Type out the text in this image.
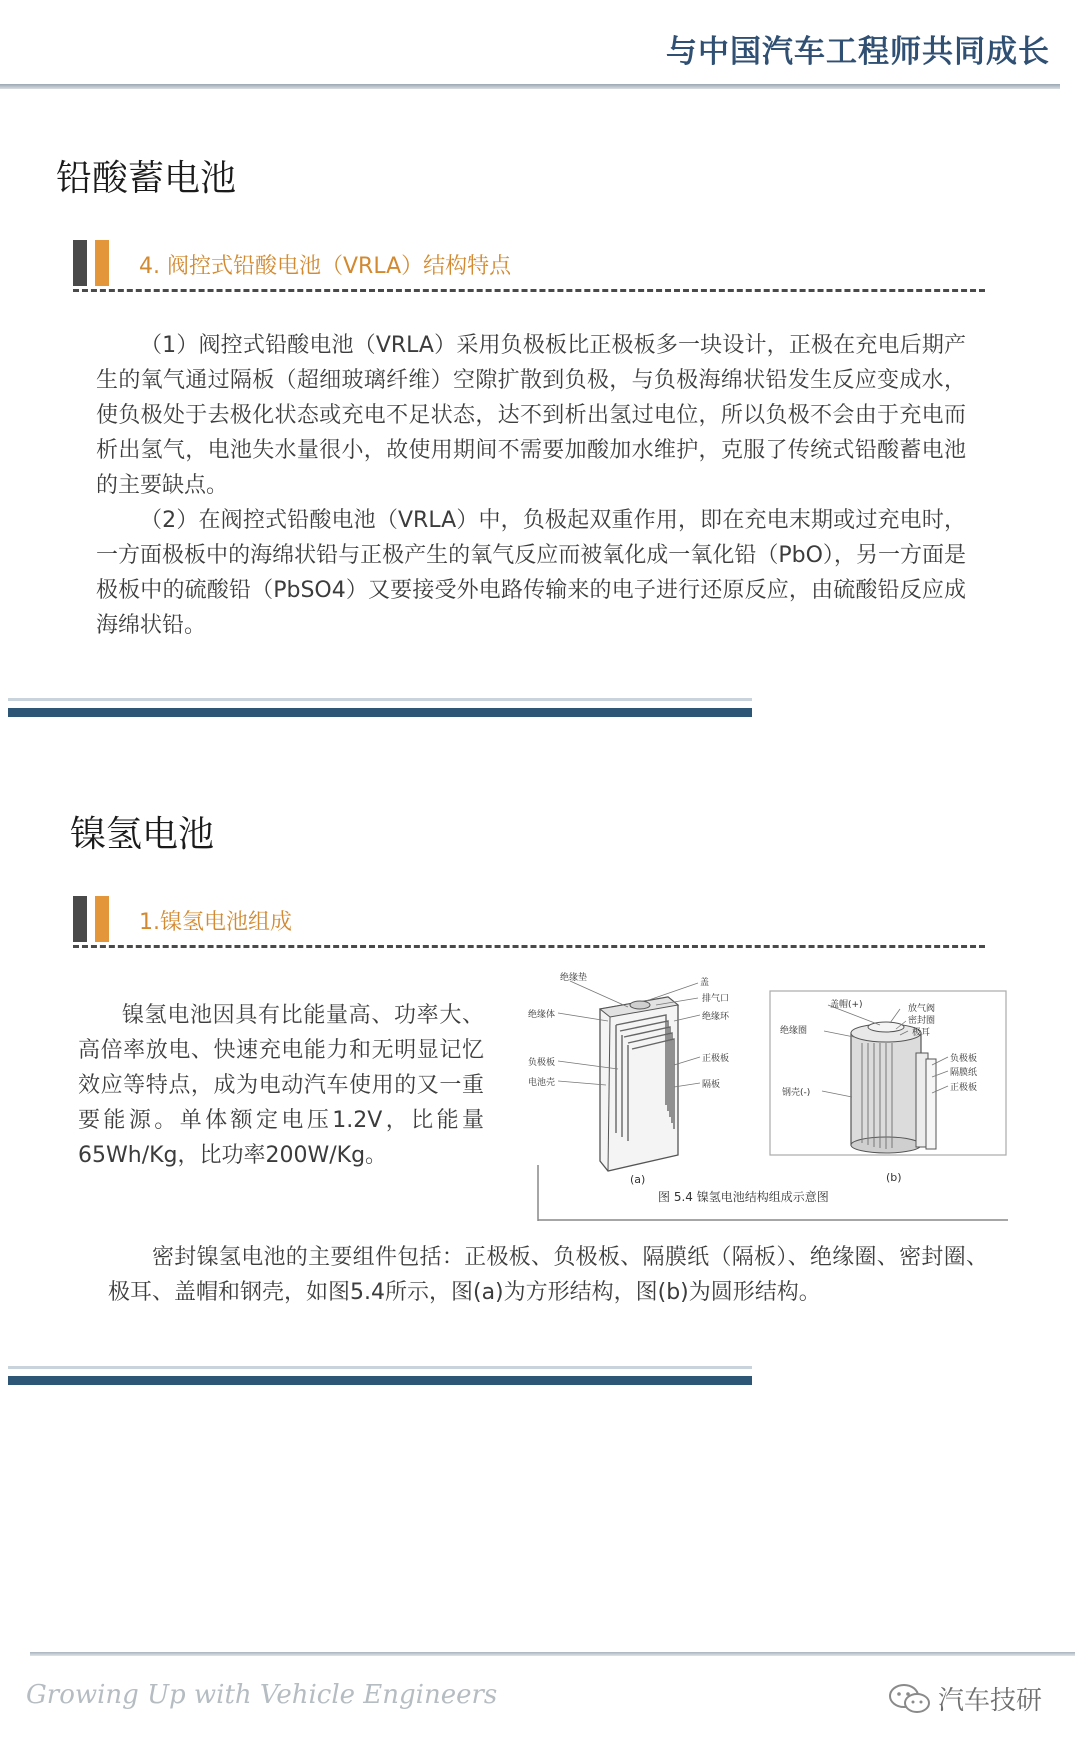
与中国汽车工程师共同成长
铅酸蓄电池
4. 阀控式铅酸电池（VRLA）结构特点

（1）阀控式铅酸电池（VRLA）采用负极板比正极板多一块设计，正极在充电后期产生的氧气通过隔板（超细玻璃纤维）空隙扩散到负极，与负极海绵状铅发生反应变成水，使负极处于去极化状态或充电不足状态，达不到析出氢过电位，所以负极不会由于充电而析出氢气，电池失水量很小，故使用期间不需要加酸加水维护，克服了传统式铅酸蓄电池的主要缺点。

（2）在阀控式铅酸电池（VRLA）中，负极起双重作用，即在充电末期或过充电时，一方面极板中的海绵状铅与正极产生的氧气反应而被氧化成一氧化铅（PbO），另一方面是极板中的硫酸铅（PbSO4）又要接受外电路传输来的电子进行还原反应，由硫酸铅反应成海绵状铅。

镍氢电池
1.镍氢电池组成

镍氢电池因具有比能量高、功率大、高倍率放电、快速充电能力和无明显记忆效应等特点，成为电动汽车使用的又一重要能源。单体额定电压1.2V，比能量65Wh/Kg，比功率200W/Kg。

绝缘垫
绝缘体
负极板
电池壳
盖
排气口
绝缘环
正极板
隔板
盖帽(+)	放气阀
密封圈
极耳
绝缘圈
负极板
隔膜纸
正极板
钢壳(-)
(a)	(b)
图 5.4 镍氢电池结构组成示意图

密封镍氢电池的主要组件包括：正极板、负极板、隔膜纸（隔板）、绝缘圈、密封圈、极耳、盖帽和钢壳，如图5.4所示，图(a)为方形结构，图(b)为圆形结构。

Growing Up with Vehicle Engineers	汽车技研
